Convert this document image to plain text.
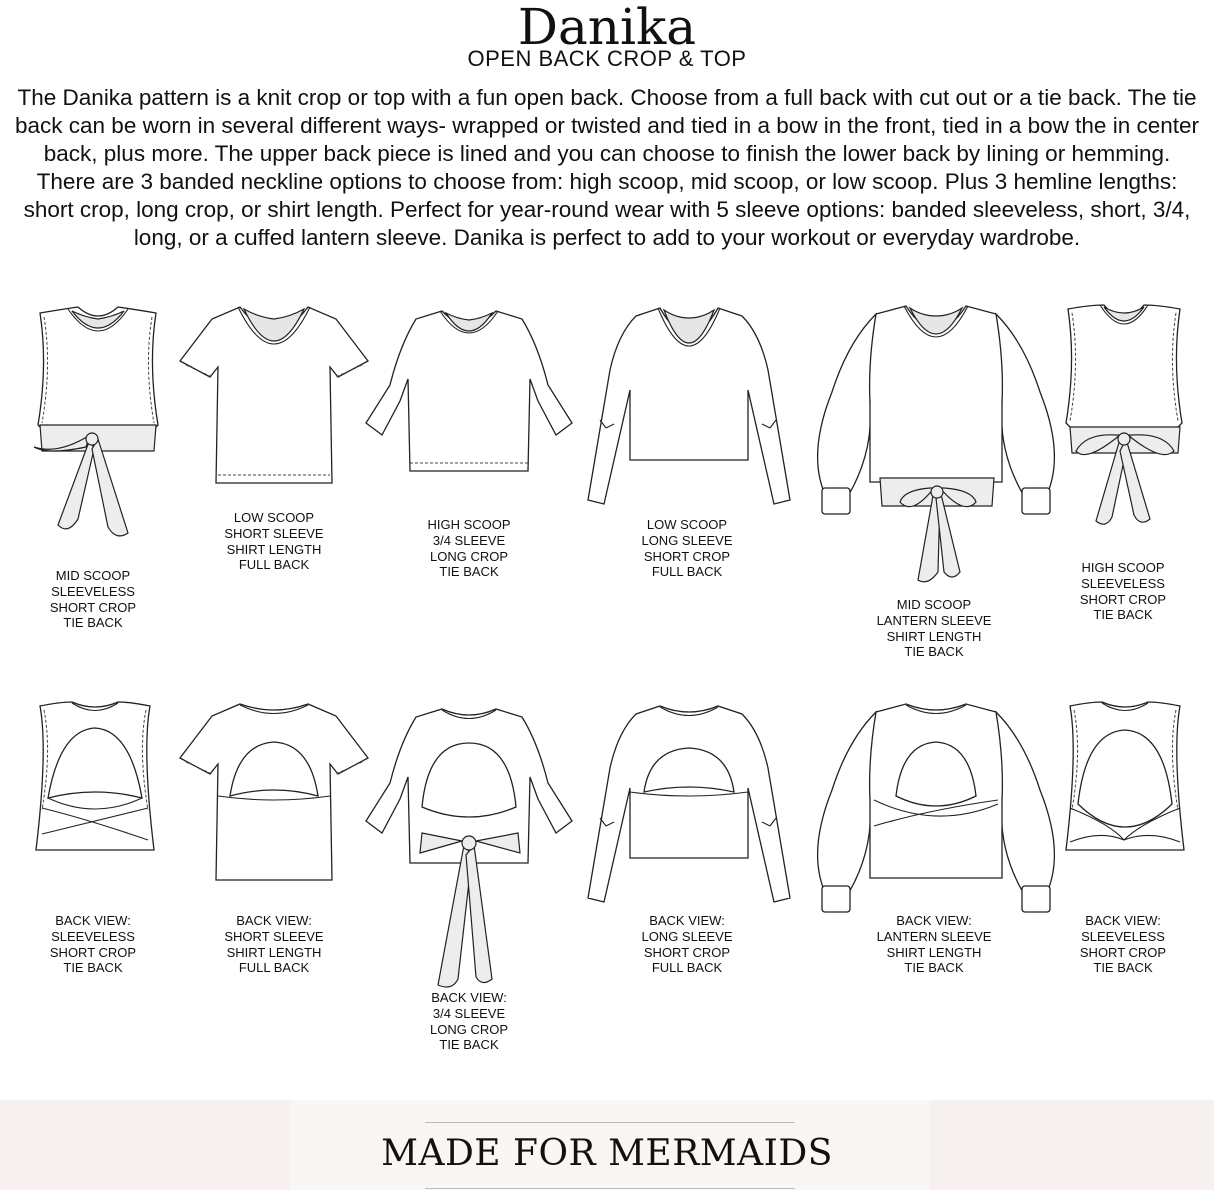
Danika
OPEN BACK CROP & TOP

The Danika pattern is a knit crop or top with a fun open back. Choose from a full back with cut out or a tie back. The tie back can be worn in several different ways- wrapped or twisted and tied in a bow in the front, tied in a bow the in center back, plus more. The upper back piece is lined and you can choose to finish the lower back by lining or hemming. There are 3 banded neckline options to choose from: high scoop, mid scoop, or low scoop. Plus 3 hemline lengths: short crop, long crop, or shirt length. Perfect for year-round wear with 5 sleeve options: banded sleeveless, short, 3/4, long, or a cuffed lantern sleeve. Danika is perfect to add to your workout or everyday wardrobe.

MID SCOOP
SLEEVELESS
SHORT CROP
TIE BACK
LOW SCOOP
SHORT SLEEVE
SHIRT LENGTH
FULL BACK
HIGH SCOOP
3/4 SLEEVE
LONG CROP
TIE BACK
LOW SCOOP
LONG SLEEVE
SHORT CROP
FULL BACK
MID SCOOP
LANTERN SLEEVE
SHIRT LENGTH
TIE BACK
HIGH SCOOP
SLEEVELESS
SHORT CROP
TIE BACK
BACK VIEW:
SLEEVELESS
SHORT CROP
TIE BACK
BACK VIEW:
SHORT SLEEVE
SHIRT LENGTH
FULL BACK
BACK VIEW:
3/4 SLEEVE
LONG CROP
TIE BACK
BACK VIEW:
LONG SLEEVE
SHORT CROP
FULL BACK
BACK VIEW:
LANTERN SLEEVE
SHIRT LENGTH
TIE BACK
BACK VIEW:
SLEEVELESS
SHORT CROP
TIE BACK
MADE FOR MERMAIDS
